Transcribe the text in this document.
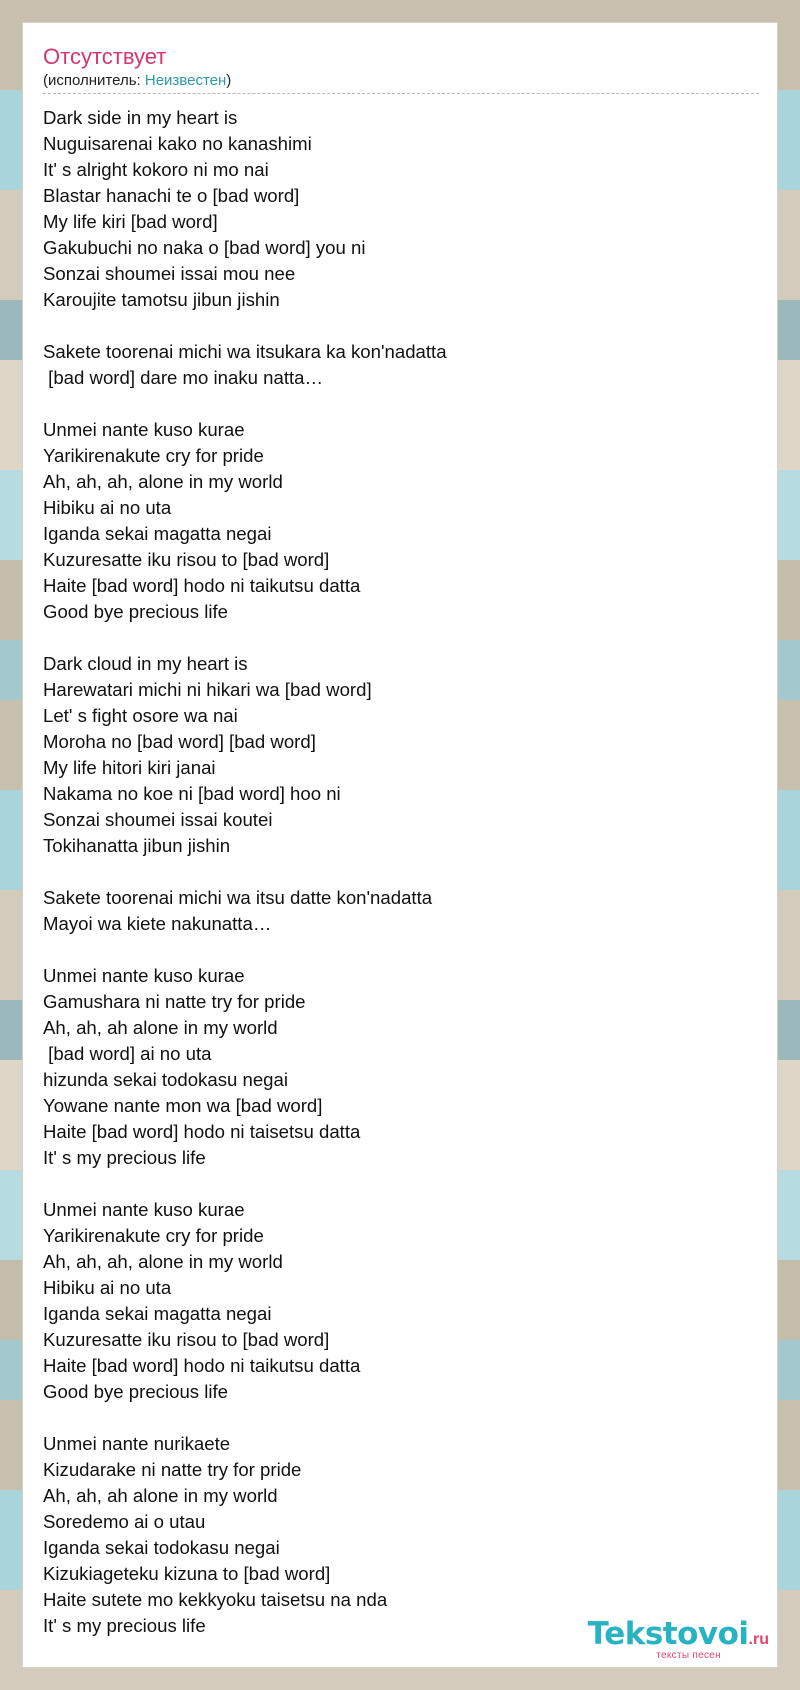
Отсутствует
(исполнитель: Неизвестен)
Dark side in my heart is
Nuguisarenai kako no kanashimi
It' s alright kokoro ni mo nai
Blastar hanachi te o [bad word]
My life kiri [bad word]
Gakubuchi no naka o [bad word] you ni
Sonzai shoumei issai mou nee
Karoujite tamotsu jibun jishin

Sakete toorenai michi wa itsukara ka kon'nadatta
[bad word] dare mo inaku natta…

Unmei nante kuso kurae
Yarikirenakute cry for pride
Ah, ah, ah, alone in my world
Hibiku ai no uta
Iganda sekai magatta negai
Kuzuresatte iku risou to [bad word]
Haite [bad word] hodo ni taikutsu datta
Good bye precious life

Dark cloud in my heart is
Harewatari michi ni hikari wa [bad word]
Let' s fight osore wa nai
Moroha no [bad word] [bad word]
My life hitori kiri janai
Nakama no koe ni [bad word] hoo ni
Sonzai shoumei issai koutei
Tokihanatta jibun jishin

Sakete toorenai michi wa itsu datte kon'nadatta
Mayoi wa kiete nakunatta…

Unmei nante kuso kurae
Gamushara ni natte try for pride
Ah, ah, ah alone in my world
[bad word] ai no uta
hizunda sekai todokasu negai
Yowane nante mon wa [bad word]
Haite [bad word] hodo ni taisetsu datta
It' s my precious life

Unmei nante kuso kurae
Yarikirenakute cry for pride
Ah, ah, ah, alone in my world
Hibiku ai no uta
Iganda sekai magatta negai
Kuzuresatte iku risou to [bad word]
Haite [bad word] hodo ni taikutsu datta
Good bye precious life

Unmei nante nurikaete
Kizudarake ni natte try for pride
Ah, ah, ah alone in my world
Soredemo ai o utau
Iganda sekai todokasu negai
Kizukiageteku kizuna to [bad word]
Haite sutete mo kekkyoku taisetsu na nda
It' s my precious life	Tekstovoi.ru
тексты песен
